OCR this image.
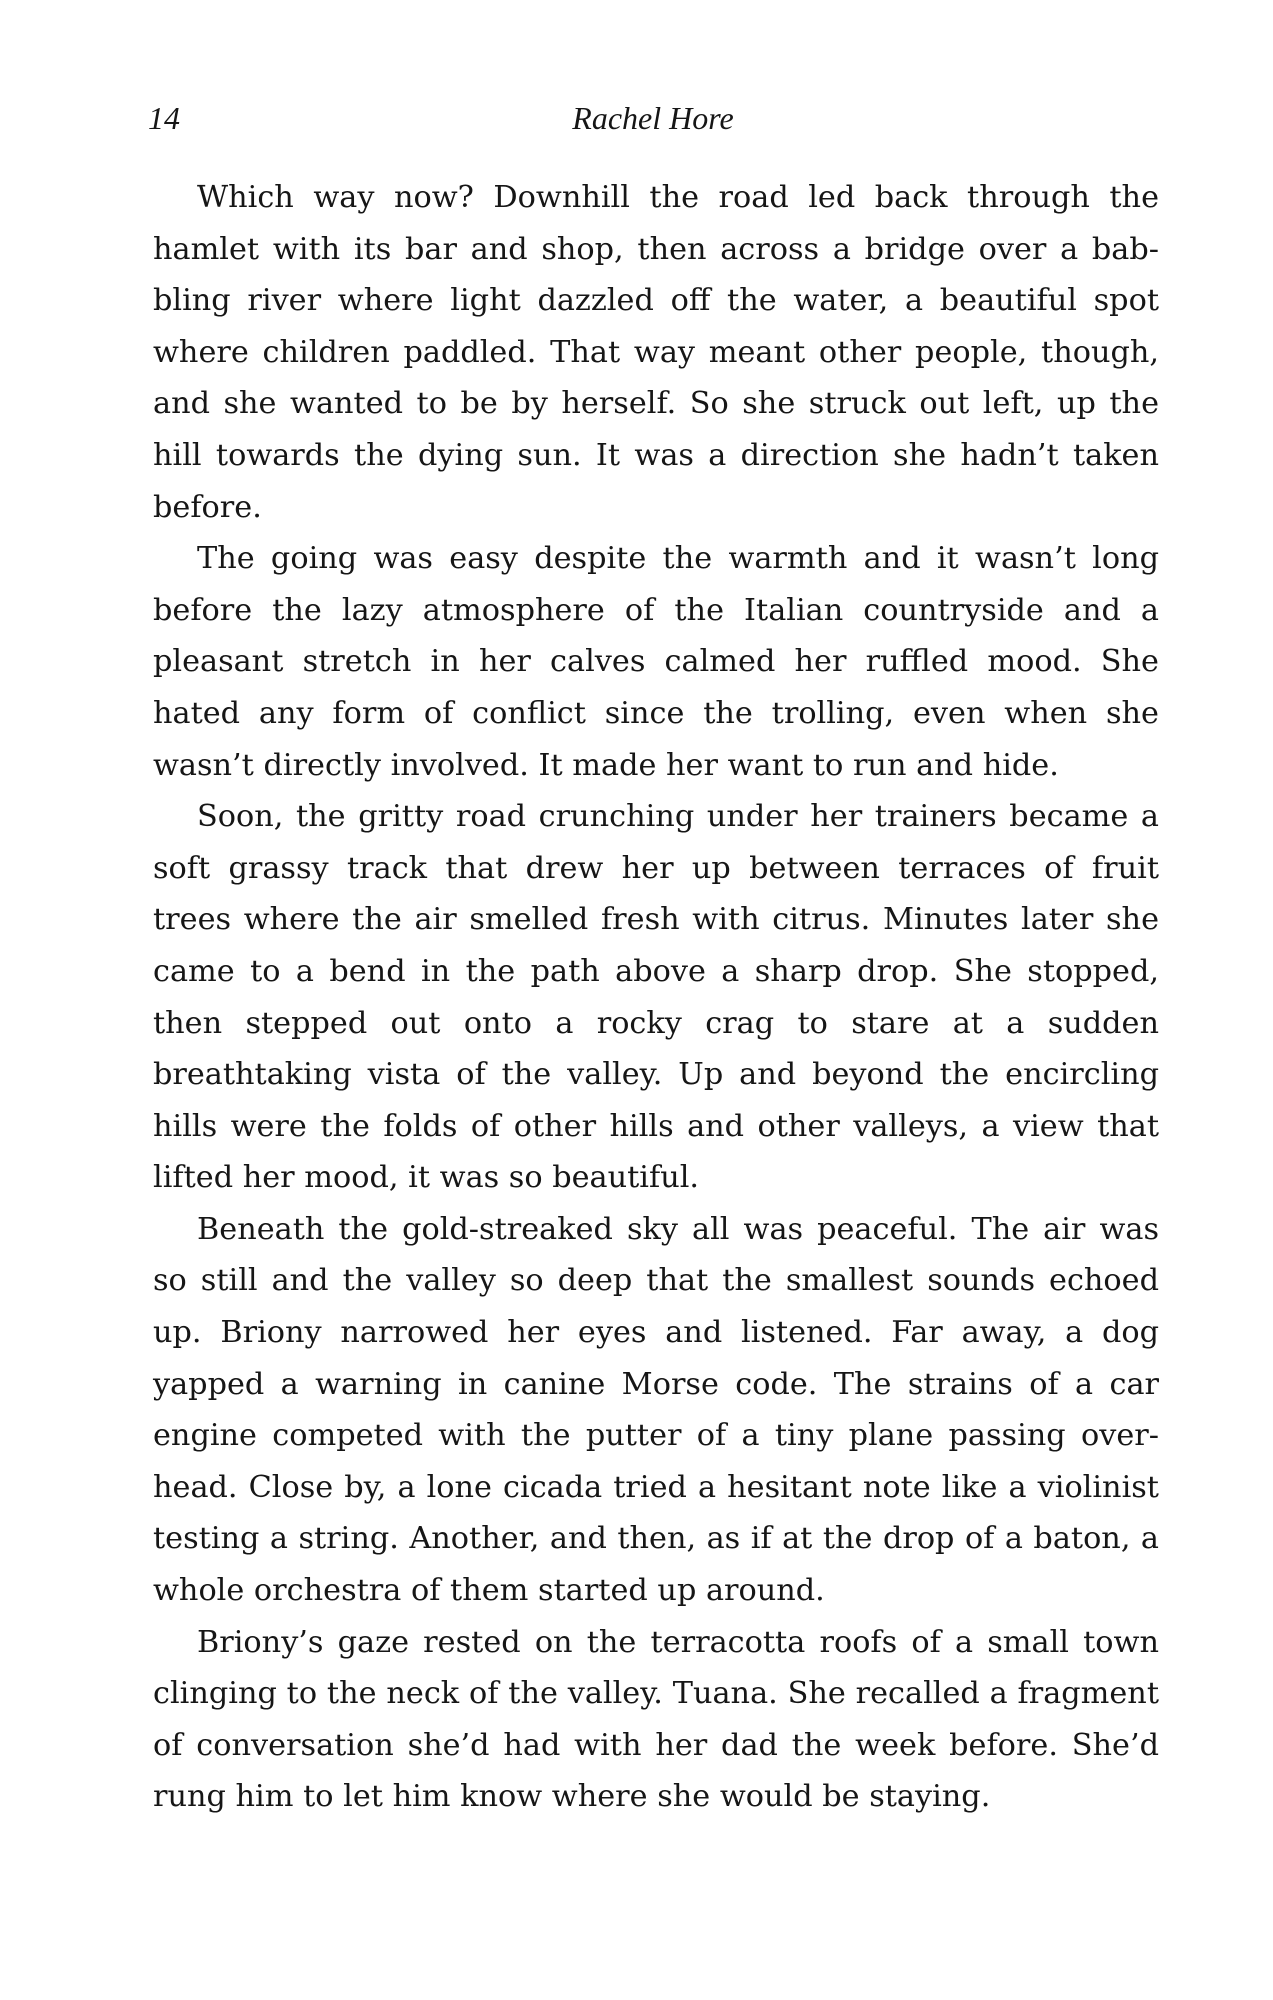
14	Rachel Hore

Which way now? Downhill the road led back through the hamlet with its bar and shop, then across a bridge over a babbling river where light dazzled off the water, a beautiful spot where children paddled. That way meant other people, though, and she wanted to be by herself. So she struck out left, up the hill towards the dying sun. It was a direction she hadn’t taken before.

The going was easy despite the warmth and it wasn’t long before the lazy atmosphere of the Italian countryside and a pleasant stretch in her calves calmed her ruffled mood. She hated any form of conflict since the trolling, even when she wasn’t directly involved. It made her want to run and hide.

Soon, the gritty road crunching under her trainers became a soft grassy track that drew her up between terraces of fruit trees where the air smelled fresh with citrus. Minutes later she came to a bend in the path above a sharp drop. She stopped, then stepped out onto a rocky crag to stare at a sudden breathtaking vista of the valley. Up and beyond the encircling hills were the folds of other hills and other valleys, a view that lifted her mood, it was so beautiful.

Beneath the gold-streaked sky all was peaceful. The air was so still and the valley so deep that the smallest sounds echoed up. Briony narrowed her eyes and listened. Far away, a dog yapped a warning in canine Morse code. The strains of a car engine competed with the putter of a tiny plane passing overhead. Close by, a lone cicada tried a hesitant note like a violinist testing a string. Another, and then, as if at the drop of a baton, a whole orchestra of them started up around.

Briony’s gaze rested on the terracotta roofs of a small town clinging to the neck of the valley. Tuana. She recalled a fragment of conversation she’d had with her dad the week before. She’d rung him to let him know where she would be staying.
